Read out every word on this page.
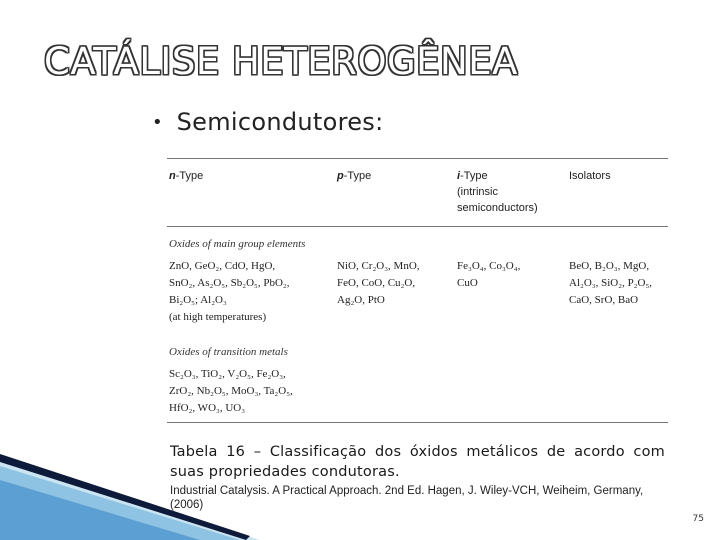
CATÁLISE HETEROGÊNEA
• Semicondutores:
n-Type	p-Type	i-Type
(intrinsic
semiconductors)
Isolators
Oxides of main group elements
ZnO, GeO₂, CdO, HgO,
SnO₂, As₂O₅, Sb₂O₅, PbO₂,
Bi₂O₅; Al₂O₃
(at high temperatures)
NiO, Cr₂O₃, MnO,
FeO, CoO, Cu₂O,
Ag₂O, PtO
Fe₃O₄, Co₃O₄,
CuO
BeO, B₂O₃, MgO,
Al₂O₃, SiO₂, P₂O₅,
CaO, SrO, BaO
Oxides of transition metals
Sc₂O₃, TiO₂, V₂O₅, Fe₂O₃,
ZrO₂, Nb₂O₅, MoO₃, Ta₂O₅,
HfO₂, WO₃, UO₃
Tabela 16 – Classificação dos óxidos metálicos de acordo com suas propriedades condutoras.
Industrial Catalysis. A Practical Approach. 2nd Ed. Hagen, J. Wiley-VCH, Weiheim, Germany, (2006)
75
